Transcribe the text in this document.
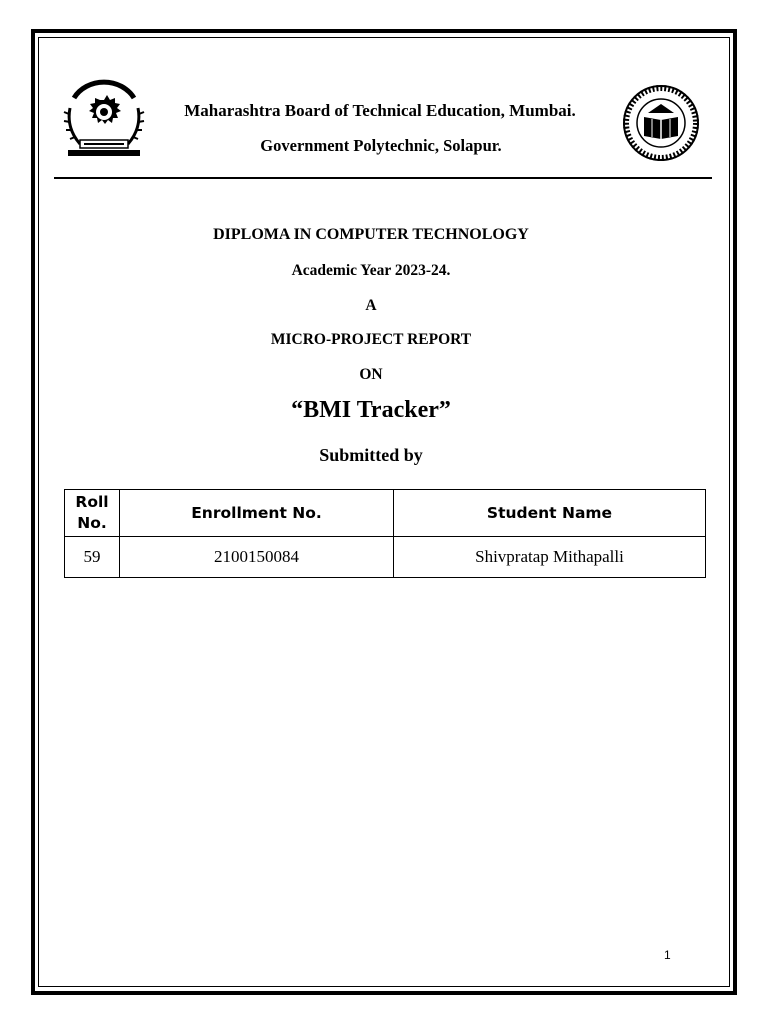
Maharashtra Board of Technical Education, Mumbai.
Government Polytechnic, Solapur.
DIPLOMA IN COMPUTER TECHNOLOGY
Academic Year 2023-24.
A
MICRO-PROJECT REPORT
ON
“BMI Tracker”
Submitted by
Roll No.	Enrollment No.	Student Name
59	2100150084	Shivpratap Mithapalli
1
